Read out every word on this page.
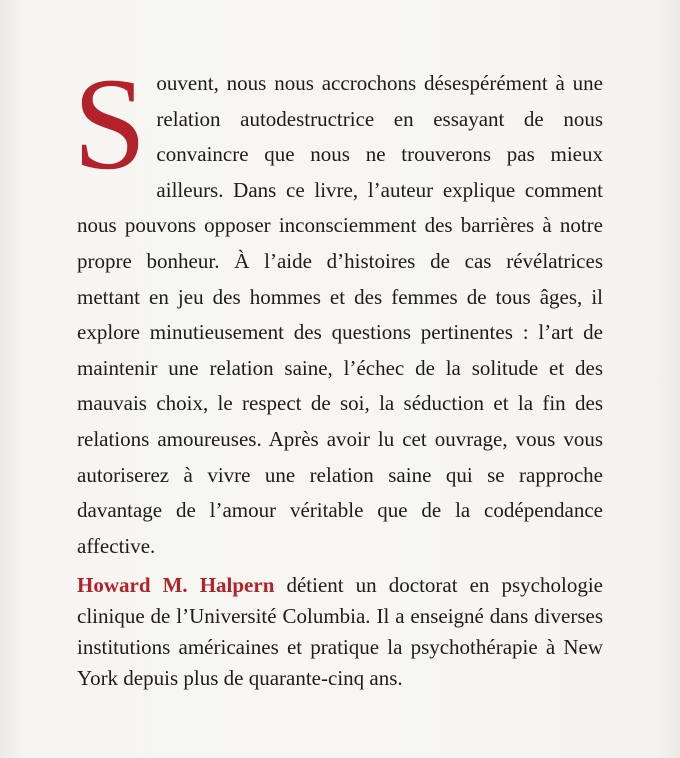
Souvent, nous nous accrochons désespérément à une relation autodestructrice en essayant de nous convaincre que nous ne trouverons pas mieux ailleurs. Dans ce livre, l’auteur explique comment nous pouvons opposer inconsciemment des barrières à notre propre bonheur. À l’aide d’histoires de cas révélatrices mettant en jeu des hommes et des femmes de tous âges, il explore minutieusement des questions pertinentes : l’art de maintenir une relation saine, l’échec de la solitude et des mauvais choix, le respect de soi, la séduction et la fin des relations amoureuses. Après avoir lu cet ouvrage, vous vous autoriserez à vivre une relation saine qui se rapproche davantage de l’amour véritable que de la codépendance affective.
Howard M. Halpern détient un doctorat en psychologie clinique de l’Université Columbia. Il a enseigné dans diverses institutions américaines et pratique la psychothérapie à New York depuis plus de quarante-cinq ans.
